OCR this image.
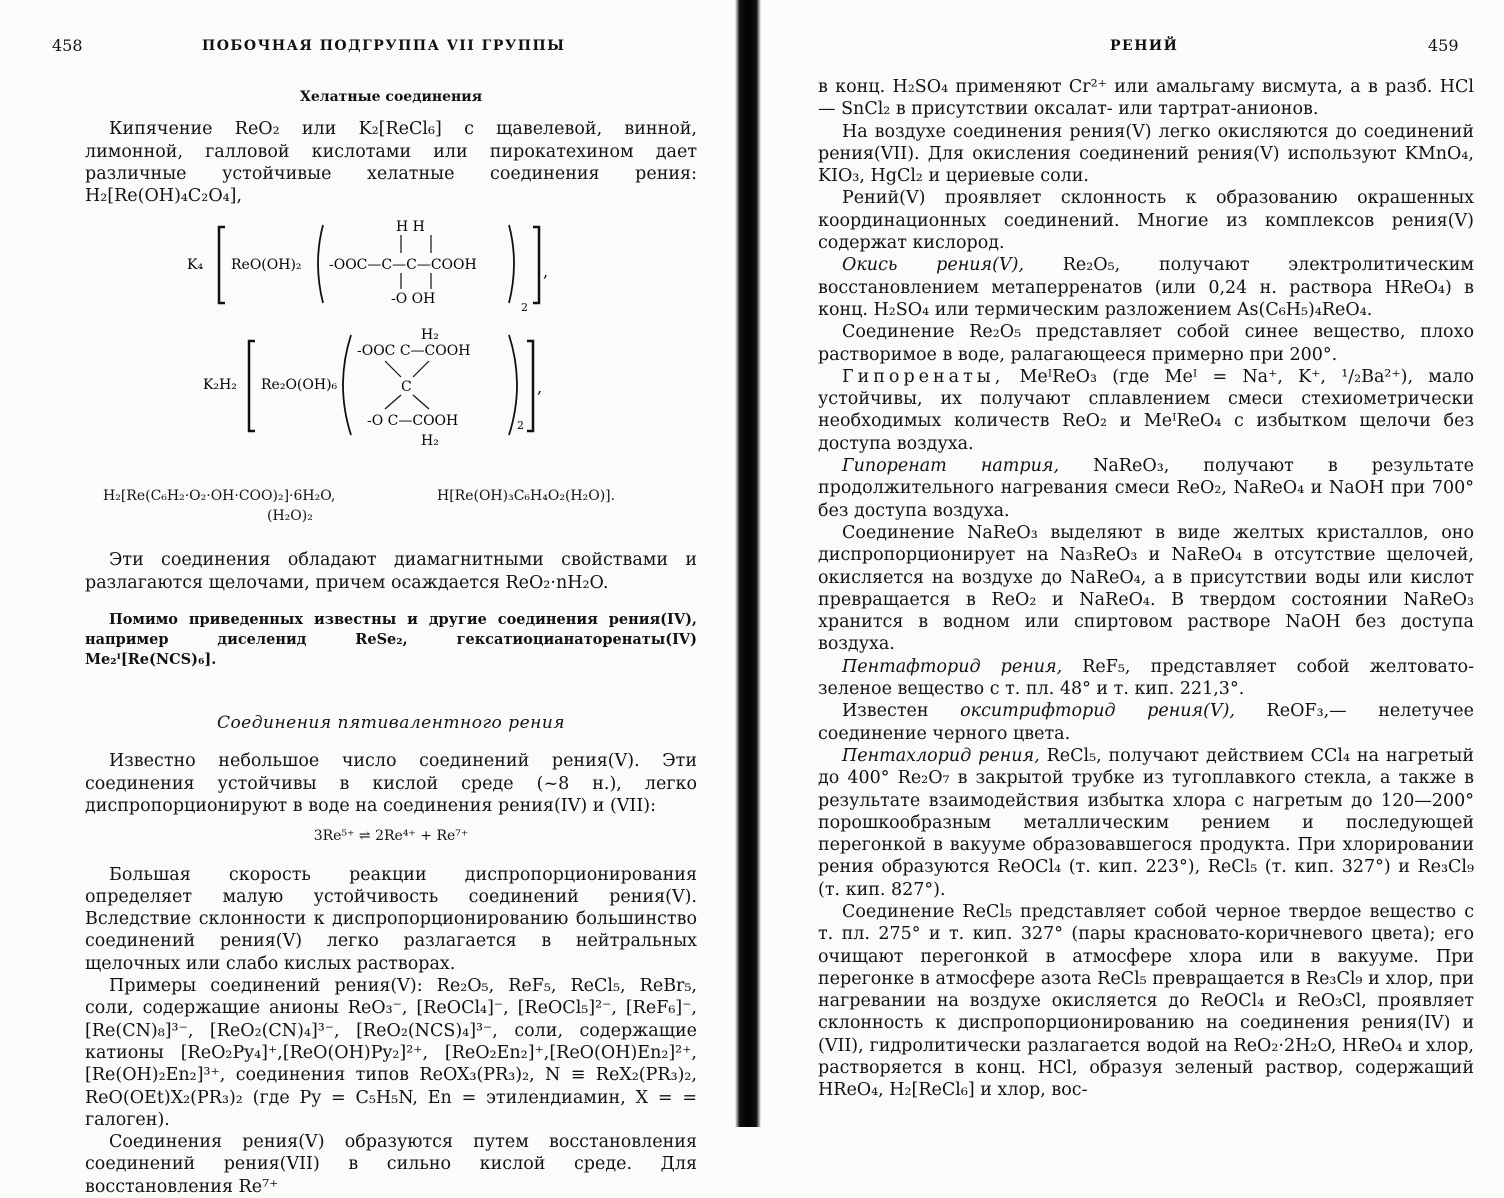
458	ПОБОЧНАЯ ПОДГРУППА VII ГРУППЫ

Хелатные соединения

Кипячение ReO₂ или K₂[ReCl₆] с щавелевой, винной, лимонной, галловой кислотами или пирокатехином дает различные устойчивые хелатные соединения рения: H₂[Re(OH)₄C₂O₄],

K₄ ReO(OH)₂
H H
-OOC—C—C—COOH
-O OH
2
,
H₂
K₂H₂ Re₂O(OH)₆
-OOC C—COOH
C
-O C—COOH
H₂
2
,
H₂[Re(C₆H₂·O₂·OH·COO)₂]·6H₂O,
(H₂O)₂
H[Re(OH)₃C₆H₄O₂(H₂O)].

Эти соединения обладают диамагнитными свойствами и разлагаются щелочами, причем осаждается ReO₂·nH₂O.

Помимо приведенных известны и другие соединения рения(IV), например диселенид ReSe₂, гексатиоцианаторенаты(IV) Me₂ᴵ[Re(NCS)₆].

Соединения пятивалентного рения

Известно небольшое число соединений рения(V). Эти соединения устойчивы в кислой среде (~8 н.), легко диспропорционируют в воде на соединения рения(IV) и (VII):

3Re⁵⁺ ⇌ 2Re⁴⁺ + Re⁷⁺

Большая скорость реакции диспропорционирования определяет малую устойчивость соединений рения(V). Вследствие склонности к диспропорционированию большинство соединений рения(V) легко разлагается в нейтральных щелочных или слабо кислых растворах.

Примеры соединений рения(V): Re₂O₅, ReF₅, ReCl₅, ReBr₅, соли, содержащие анионы ReO₃⁻, [ReOCl₄]⁻, [ReOCl₅]²⁻, [ReF₆]⁻, [Re(CN)₈]³⁻, [ReO₂(CN)₄]³⁻, [ReO₂(NCS)₄]³⁻, соли, содержащие катионы [ReO₂Py₄]⁺,[ReO(OH)Py₂]²⁺, [ReO₂En₂]⁺,[ReO(OH)En₂]²⁺, [Re(OH)₂En₂]³⁺, соединения типов ReOX₃(PR₃)₂, N ≡ ReX₂(PR₃)₂, ReO(OEt)X₂(PR₃)₂ (где Py = C₅H₅N, En = этилендиамин, X = = галоген).

Соединения рения(V) образуются путем восстановления соединений рения(VII) в сильно кислой среде. Для восстановления Re⁷⁺

РЕНИЙ	459

в конц. H₂SO₄ применяют Cr²⁺ или амальгаму висмута, а в разб. HCl — SnCl₂ в присутствии оксалат- или тартрат-анионов.

На воздухе соединения рения(V) легко окисляются до соединений рения(VII). Для окисления соединений рения(V) используют KMnO₄, KIO₃, HgCl₂ и цериевые соли.

Рений(V) проявляет склонность к образованию окрашенных координационных соединений. Многие из комплексов рения(V) содержат кислород.

Окись рения(V), Re₂O₅, получают электролитическим восстановлением метаперренатов (или 0,24 н. раствора HReO₄) в конц. H₂SO₄ или термическим разложением As(C₆H₅)₄ReO₄.

Соединение Re₂O₅ представляет собой синее вещество, плохо растворимое в воде, ралагающееся примерно при 200°.

Гипоренаты, MeᴵReO₃ (где Meᴵ = Na⁺, K⁺, ¹/₂Ba²⁺), мало устойчивы, их получают сплавлением смеси стехиометрически необходимых количеств ReO₂ и MeᴵReO₄ с избытком щелочи без доступа воздуха.

Гипоренат натрия, NaReO₃, получают в результате продолжительного нагревания смеси ReO₂, NaReO₄ и NaOH при 700° без доступа воздуха.

Соединение NaReO₃ выделяют в виде желтых кристаллов, оно диспропорционирует на Na₃ReO₃ и NaReO₄ в отсутствие щелочей, окисляется на воздухе до NaReO₄, а в присутствии воды или кислот превращается в ReO₂ и NaReO₄. В твердом состоянии NaReO₃ хранится в водном или спиртовом растворе NaOH без доступа воздуха.

Пентафторид рения, ReF₅, представляет собой желтовато-зеленое вещество с т. пл. 48° и т. кип. 221,3°.

Известен окситрифторид рения(V), ReOF₃,— нелетучее соединение черного цвета.

Пентахлорид рения, ReCl₅, получают действием CCl₄ на нагретый до 400° Re₂O₇ в закрытой трубке из тугоплавкого стекла, а также в результате взаимодействия избытка хлора с нагретым до 120—200° порошкообразным металлическим рением и последующей перегонкой в вакууме образовавшегося продукта. При хлорировании рения образуются ReOCl₄ (т. кип. 223°), ReCl₅ (т. кип. 327°) и Re₃Cl₉ (т. кип. 827°).

Соединение ReCl₅ представляет собой черное твердое вещество с т. пл. 275° и т. кип. 327° (пары красновато-коричневого цвета); его очищают перегонкой в атмосфере хлора или в вакууме. При перегонке в атмосфере азота ReCl₅ превращается в Re₃Cl₉ и хлор, при нагревании на воздухе окисляется до ReOCl₄ и ReO₃Cl, проявляет склонность к диспропорционированию на соединения рения(IV) и (VII), гидролитически разлагается водой на ReO₂·2H₂O, HReO₄ и хлор, растворяется в конц. HCl, образуя зеленый раствор, содержащий HReO₄, H₂[ReCl₆] и хлор, вос-
